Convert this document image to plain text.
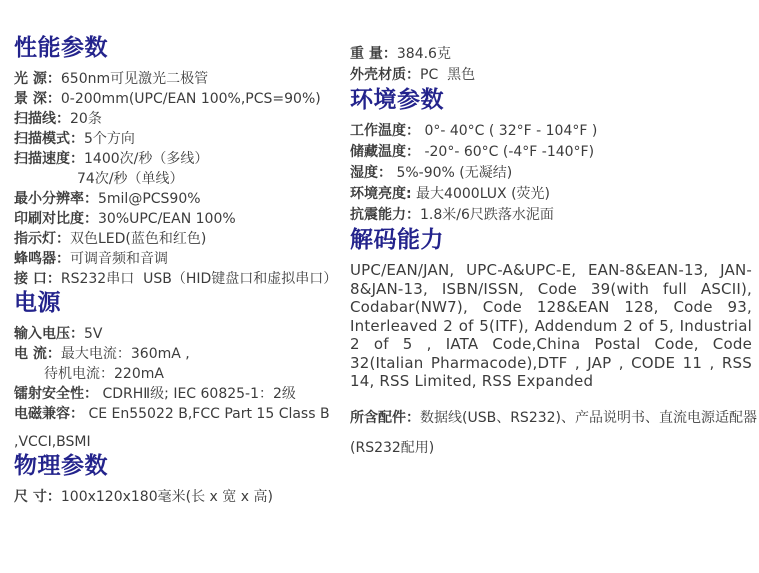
性能参数
光 源：650nm可见激光二极管
景 深：0-200mm(UPC/EAN 100%,PCS=90%)
扫描线：20条
扫描模式：5个方向
扫描速度：1400次/秒（多线）
74次/秒（单线）
最小分辨率：5mil@PCS90%
印刷对比度：30%UPC/EAN 100%
指示灯：双色LED(蓝色和红色)
蜂鸣器：可调音频和音调
接 口：RS232串口  USB（HID键盘口和虚拟串口）
电源
输入电压：5V
电 流：最大电流：360mA ,
待机电流：220mA
镭射安全性： CDRHⅡ级; IEC 60825-1：2级
电磁兼容： CE En55022 B,FCC Part 15 Class B
,VCCI,BSMI
物理参数
尺 寸：100x120x180毫米(长 x 宽 x 高)
重 量：384.6克
外壳材质：PC  黑色
环境参数
工作温度： 0°- 40°C ( 32°F - 104°F )
储藏温度： -20°- 60°C (-4°F -140°F)
湿度： 5%-90% (无凝结)
环境亮度: 最大4000LUX (荧光)
抗震能力：1.8米/6尺跌落水泥面
解码能力

UPC/EAN/JAN, UPC-A&UPC-E, EAN-8&EAN-13, JAN-8&JAN-13, ISBN/ISSN, Code 39(with full ASCII), Codabar(NW7), Code 128&EAN 128, Code 93, Interleaved 2 of 5(ITF), Addendum 2 of 5, Industrial 2 of 5 , IATA Code,China Postal Code, Code 32(Italian Pharmacode),DTF , JAP , CODE 11 , RSS 14, RSS Limited, RSS Expanded

所含配件：数据线(USB、RS232)、产品说明书、直流电源适配器
(RS232配用)
